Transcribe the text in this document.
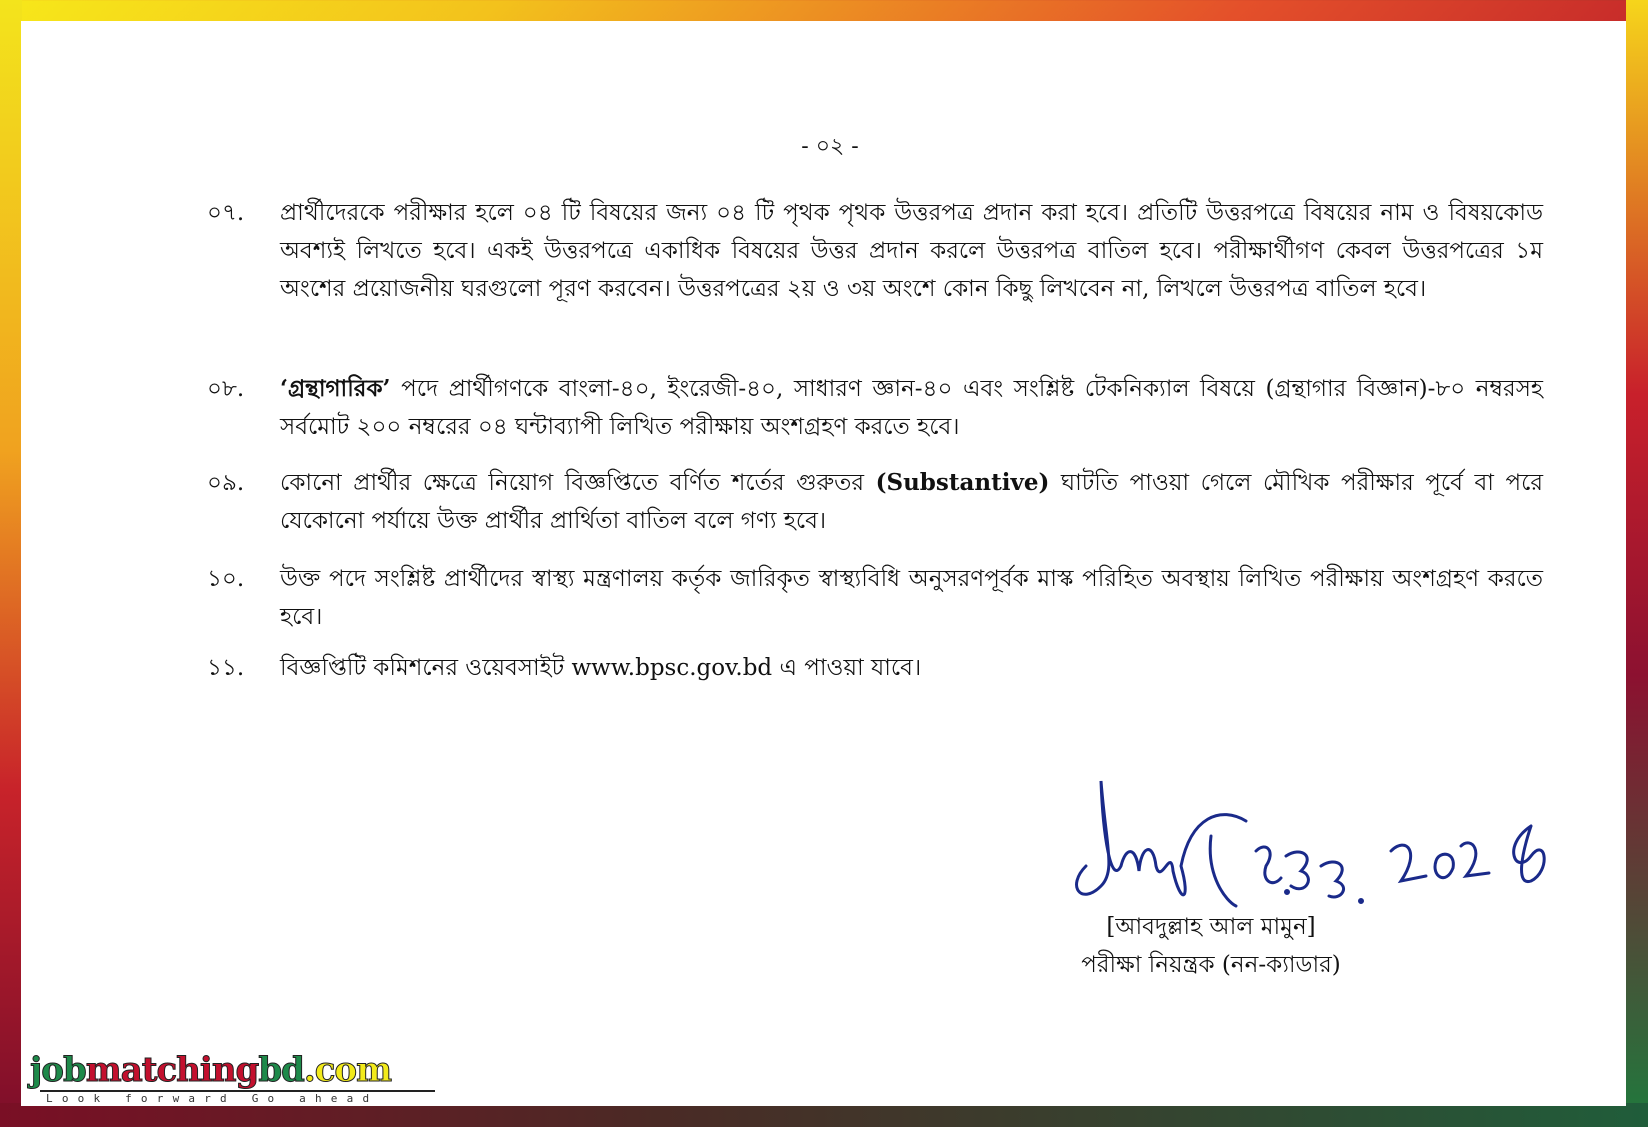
- ০২ -
০৭.	প্রার্থীদেরকে পরীক্ষার হলে ০৪ টি বিষয়ের জন্য ০৪ টি পৃথক পৃথক উত্তরপত্র প্রদান করা হবে। প্রতিটি উত্তরপত্রে বিষয়ের নাম ও বিষয়কোড অবশ্যই লিখতে হবে। একই উত্তরপত্রে একাধিক বিষয়ের উত্তর প্রদান করলে উত্তরপত্র বাতিল হবে। পরীক্ষার্থীগণ কেবল উত্তরপত্রের ১ম অংশের প্রয়োজনীয় ঘরগুলো পূরণ করবেন। উত্তরপত্রের ২য় ও ৩য় অংশে কোন কিছু লিখবেন না, লিখলে উত্তরপত্র বাতিল হবে।
০৮.	‘গ্রন্থাগারিক’ পদে প্রার্থীগণকে বাংলা-৪০, ইংরেজী-৪০, সাধারণ জ্ঞান-৪০ এবং সংশ্লিষ্ট টেকনিক্যাল বিষয়ে (গ্রন্থাগার বিজ্ঞান)-৮০ নম্বরসহ সর্বমোট ২০০ নম্বরের ০৪ ঘন্টাব্যাপী লিখিত পরীক্ষায় অংশগ্রহণ করতে হবে।
০৯.	কোনো প্রার্থীর ক্ষেত্রে নিয়োগ বিজ্ঞপ্তিতে বর্ণিত শর্তের গুরুতর (Substantive) ঘাটতি পাওয়া গেলে মৌখিক পরীক্ষার পূর্বে বা পরে যেকোনো পর্যায়ে উক্ত প্রার্থীর প্রার্থিতা বাতিল বলে গণ্য হবে।
১০.	উক্ত পদে সংশ্লিষ্ট প্রার্থীদের স্বাস্থ্য মন্ত্রণালয় কর্তৃক জারিকৃত স্বাস্থ্যবিধি অনুসরণপূর্বক মাস্ক পরিহিত অবস্থায় লিখিত পরীক্ষায় অংশগ্রহণ করতে হবে।
১১.	বিজ্ঞপ্তিটি কমিশনের ওয়েবসাইট www.bpsc.gov.bd এ পাওয়া যাবে।
[আবদুল্লাহ আল মামুন]
পরীক্ষা নিয়ন্ত্রক (নন-ক্যাডার)
jobmatchingbd.com
Look forward Go ahead
